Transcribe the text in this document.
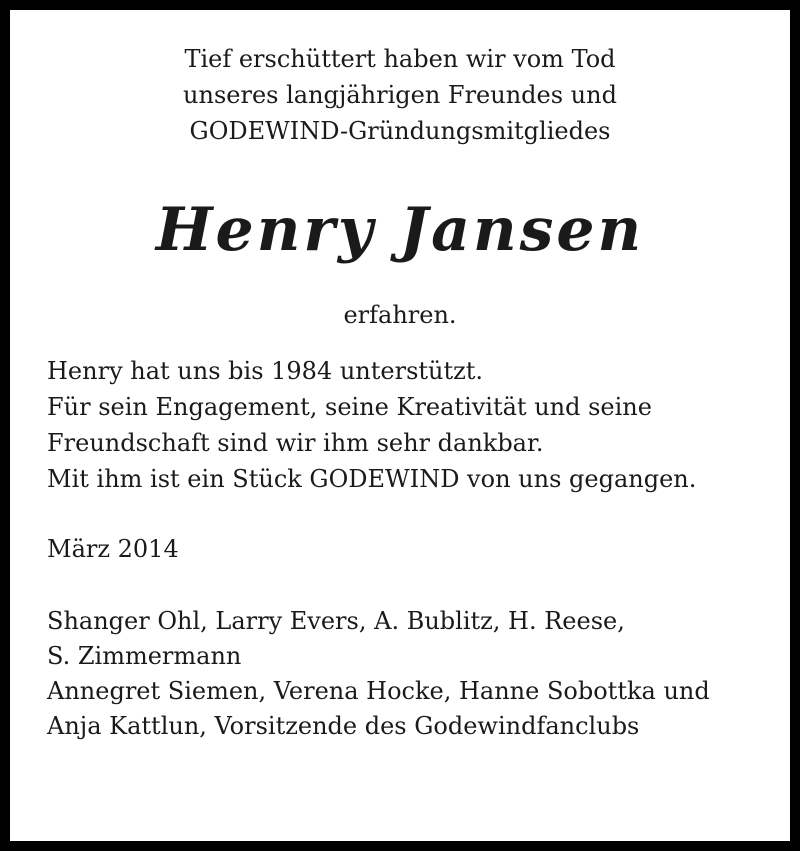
Tief erschüttert haben wir vom Tod
unseres langjährigen Freundes und
GODEWIND-Gründungsmitgliedes
Henry Jansen
erfahren.
Henry hat uns bis 1984 unterstützt.
Für sein Engagement, seine Kreativität und seine
Freundschaft sind wir ihm sehr dankbar.
Mit ihm ist ein Stück GODEWIND von uns gegangen.
März 2014
Shanger Ohl, Larry Evers, A. Bublitz, H. Reese,
S. Zimmermann
Annegret Siemen, Verena Hocke, Hanne Sobottka und
Anja Kattlun, Vorsitzende des Godewindfanclubs
